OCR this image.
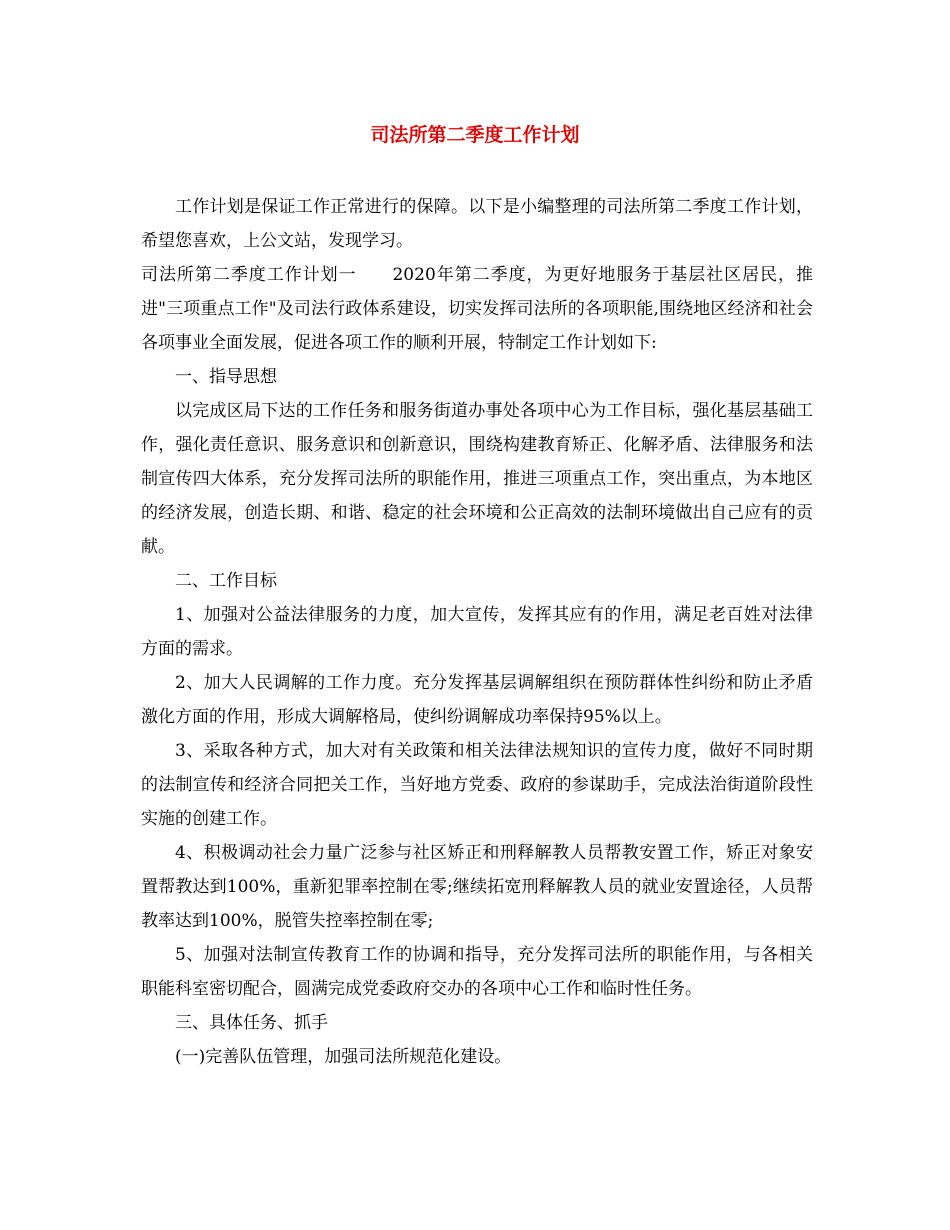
司法所第二季度工作计划

工作计划是保证工作正常进行的保障。以下是小编整理的司法所第二季度工作计划，希望您喜欢，上公文站，发现学习。

司法所第二季度工作计划一　　2020年第二季度，为更好地服务于基层社区居民，推进"三项重点工作"及司法行政体系建设，切实发挥司法所的各项职能,围绕地区经济和社会各项事业全面发展，促进各项工作的顺利开展，特制定工作计划如下:

一、指导思想

以完成区局下达的工作任务和服务街道办事处各项中心为工作目标，强化基层基础工作，强化责任意识、服务意识和创新意识，围绕构建教育矫正、化解矛盾、法律服务和法制宣传四大体系，充分发挥司法所的职能作用，推进三项重点工作，突出重点，为本地区的经济发展，创造长期、和谐、稳定的社会环境和公正高效的法制环境做出自己应有的贡献。

二、工作目标

1、加强对公益法律服务的力度，加大宣传，发挥其应有的作用，满足老百姓对法律方面的需求。

2、加大人民调解的工作力度。充分发挥基层调解组织在预防群体性纠纷和防止矛盾激化方面的作用，形成大调解格局，使纠纷调解成功率保持95%以上。

3、采取各种方式，加大对有关政策和相关法律法规知识的宣传力度，做好不同时期的法制宣传和经济合同把关工作，当好地方党委、政府的参谋助手，完成法治街道阶段性实施的创建工作。

4、积极调动社会力量广泛参与社区矫正和刑释解教人员帮教安置工作，矫正对象安置帮教达到100%，重新犯罪率控制在零;继续拓宽刑释解教人员的就业安置途径，人员帮教率达到100%，脱管失控率控制在零;

5、加强对法制宣传教育工作的协调和指导，充分发挥司法所的职能作用，与各相关职能科室密切配合，圆满完成党委政府交办的各项中心工作和临时性任务。

三、具体任务、抓手

(一)完善队伍管理，加强司法所规范化建设。
